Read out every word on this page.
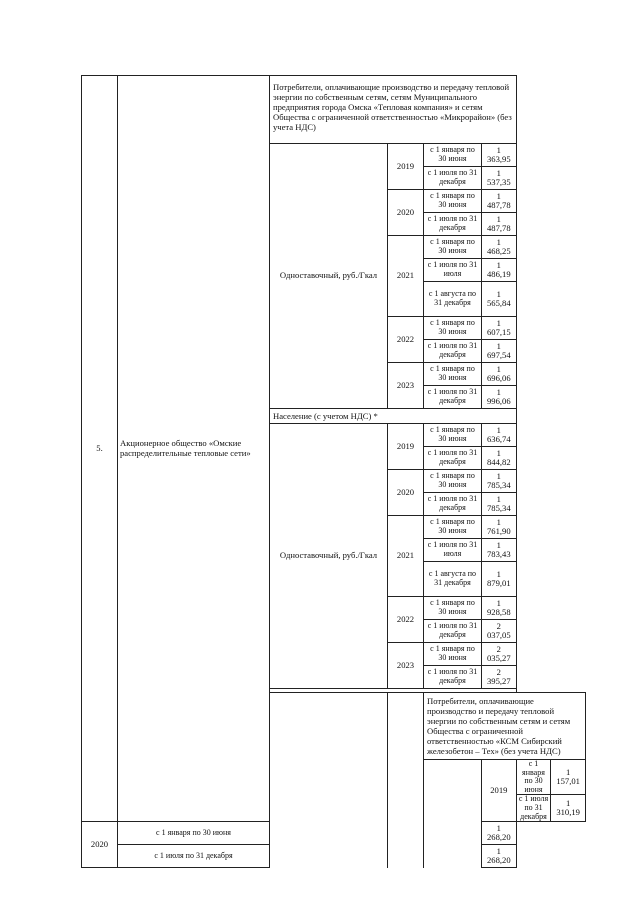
5.	Акционерное общество «Омские распределительные тепловые сети»	Потребители, оплачивающие производство и передачу тепловой энергии по собственным сетям, сетям Муниципального предприятия города Омска «Тепловая компания» и сетям Общества с ограниченной ответственностью «Микрорайон» (без учета НДС)					
		Одноставочный, руб./Гкал	2019	с 1 января по 30 июня	1 363,95		
				с 1 июля по 31 декабря	1 537,35		
			2020	с 1 января по 30 июня	1 487,78		
				с 1 июля по 31 декабря	1 487,78		
			2021	с 1 января по 30 июня	1 468,25		
				с 1 июля по 31 июля	1 486,19		
				с 1 августа по 31 декабря	1 565,84		
			2022	с 1 января по 30 июня	1 607,15		
				с 1 июля по 31 декабря	1 697,54		
			2023	с 1 января по 30 июня	1 696,06		
				с 1 июля по 31 декабря	1 996,06		
		Население (с учетом НДС) *					
		Одноставочный, руб./Гкал	2019	с 1 января по 30 июня	1 636,74		
				с 1 июля по 31 декабря	1 844,82		
			2020	с 1 января по 30 июня	1 785,34		
				с 1 июля по 31 декабря	1 785,34		
			2021	с 1 января по 30 июня	1 761,90		
				с 1 июля по 31 июля	1 783,43		
				с 1 августа по 31 декабря	1 879,01		
			2022	с 1 января по 30 июня	1 928,58		
				с 1 июля по 31 декабря	2 037,05		
			2023	с 1 января по 30 июня	2 035,27		
				с 1 июля по 31 декабря	2 395,27		

				Потребители, оплачивающие производство и передачу тепловой энергии по собственным сетям и сетям Общества с ограниченной ответственностью «КСМ Сибирский железобетон – Тех» (без учета НДС)			
					2019	с 1 января по 30 июня	1 157,01
						с 1 июля по 31 декабря	1 310,19
2020	с 1 января по 30 июня				1 268,20		
	с 1 июля по 31 декабря				1 268,20		
